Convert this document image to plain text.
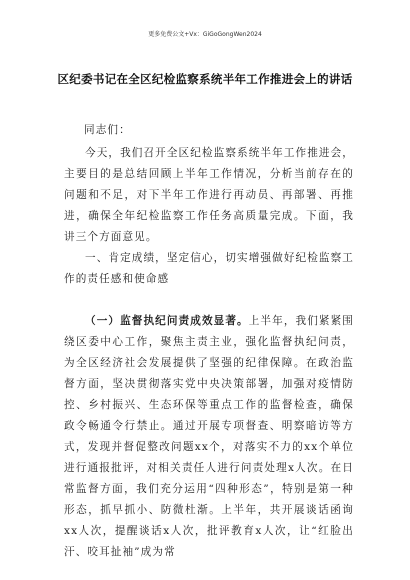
更多免费公文+Vx：GiGoGongWen2024
区纪委书记在全区纪检监察系统半年工作推进会上的讲话
同志们：
今天，我们召开全区纪检监察系统半年工作推进会，主要目的是总结回顾上半年工作情况，分析当前存在的问题和不足，对下半年工作进行再动员、再部署、再推进，确保全年纪检监察工作任务高质量完成。下面，我讲三个方面意见。
一、肯定成绩，坚定信心，切实增强做好纪检监察工作的责任感和使命感
（一）监督执纪问责成效显著。上半年，我们紧紧围绕区委中心工作，聚焦主责主业，强化监督执纪问责，为全区经济社会发展提供了坚强的纪律保障。在政治监督方面，坚决贯彻落实党中央决策部署，加强对疫情防控、乡村振兴、生态环保等重点工作的监督检查，确保政令畅通令行禁止。通过开展专项督查、明察暗访等方式，发现并督促整改问题xx个，对落实不力的xx个单位进行通报批评，对相关责任人进行问责处理x人次。在日常监督方面，我们充分运用“四种形态”，特别是第一种形态，抓早抓小、防微杜渐。上半年，共开展谈话函询xx人次，提醒谈话x人次，批评教育x人次，让“红脸出汗、咬耳扯袖”成为常
